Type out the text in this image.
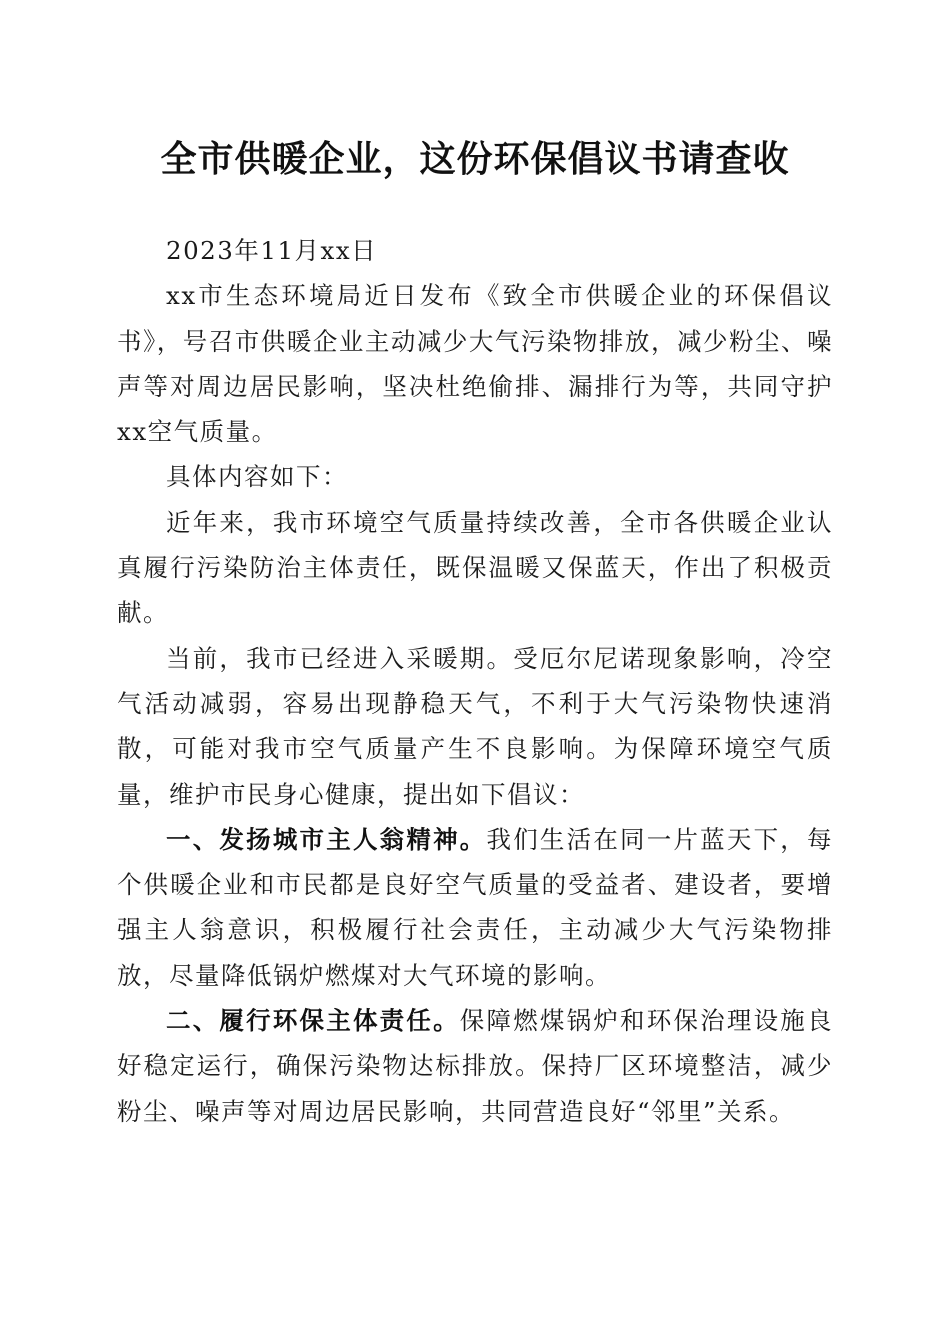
全市供暖企业，这份环保倡议书请查收

2023年11月xx日

xx市生态环境局近日发布《致全市供暖企业的环保倡议书》，号召市供暖企业主动减少大气污染物排放，减少粉尘、噪声等对周边居民影响，坚决杜绝偷排、漏排行为等，共同守护xx空气质量。

具体内容如下：

近年来，我市环境空气质量持续改善，全市各供暖企业认真履行污染防治主体责任，既保温暖又保蓝天，作出了积极贡献。

当前，我市已经进入采暖期。受厄尔尼诺现象影响，冷空气活动减弱，容易出现静稳天气，不利于大气污染物快速消散，可能对我市空气质量产生不良影响。为保障环境空气质量，维护市民身心健康，提出如下倡议：

一、发扬城市主人翁精神。我们生活在同一片蓝天下，每个供暖企业和市民都是良好空气质量的受益者、建设者，要增强主人翁意识，积极履行社会责任，主动减少大气污染物排放，尽量降低锅炉燃煤对大气环境的影响。

二、履行环保主体责任。保障燃煤锅炉和环保治理设施良好稳定运行，确保污染物达标排放。保持厂区环境整洁，减少粉尘、噪声等对周边居民影响，共同营造良好“邻里”关系。
